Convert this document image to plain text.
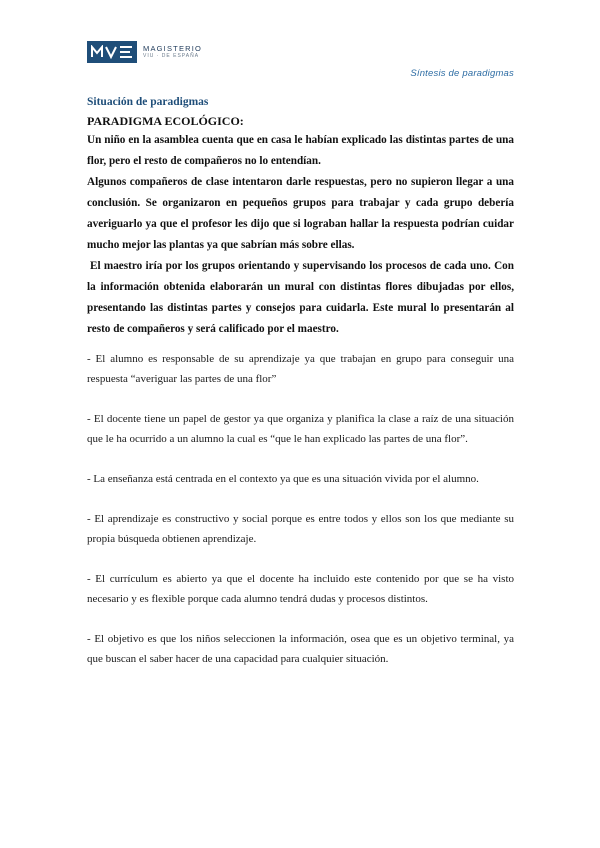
MAGISTERIO
VIU · DE ESPAÑA
Síntesis de paradigmas
Situación de paradigmas

PARADIGMA ECOLÓGICO:

Un niño en la asamblea cuenta que en casa le habían explicado las distintas partes de una flor, pero el resto de compañeros no lo entendían.

Algunos compañeros de clase intentaron darle respuestas, pero no supieron llegar a una conclusión. Se organizaron en pequeños grupos para trabajar y cada grupo debería averiguarlo ya que el profesor les dijo que si lograban hallar la respuesta podrían cuidar mucho mejor las plantas ya que sabrían más sobre ellas.

El maestro iría por los grupos orientando y supervisando los procesos de cada uno. Con la información obtenida elaborarán un mural con distintas flores dibujadas por ellos, presentando las distintas partes y consejos para cuidarla. Este mural lo presentarán al resto de compañeros y será calificado por el maestro.

- El alumno es responsable de su aprendizaje ya que trabajan en grupo para conseguir una respuesta “averiguar las partes de una flor”

- El docente tiene un papel de gestor ya que organiza y planifica la clase a raíz de una situación que le ha ocurrido a un alumno la cual es “que le han explicado las partes de una flor”.

- La enseñanza está centrada en el contexto ya que es una situación vivida por el alumno.

- El aprendizaje es constructivo y social porque es entre todos y ellos son los que mediante su propia búsqueda obtienen aprendizaje.

- El currículum es abierto ya que el docente ha incluido este contenido por que se ha visto necesario y es flexible porque cada alumno tendrá dudas y procesos distintos.

- El objetivo es que los niños seleccionen la información, osea que es un objetivo terminal, ya que buscan el saber hacer de una capacidad para cualquier situación.
